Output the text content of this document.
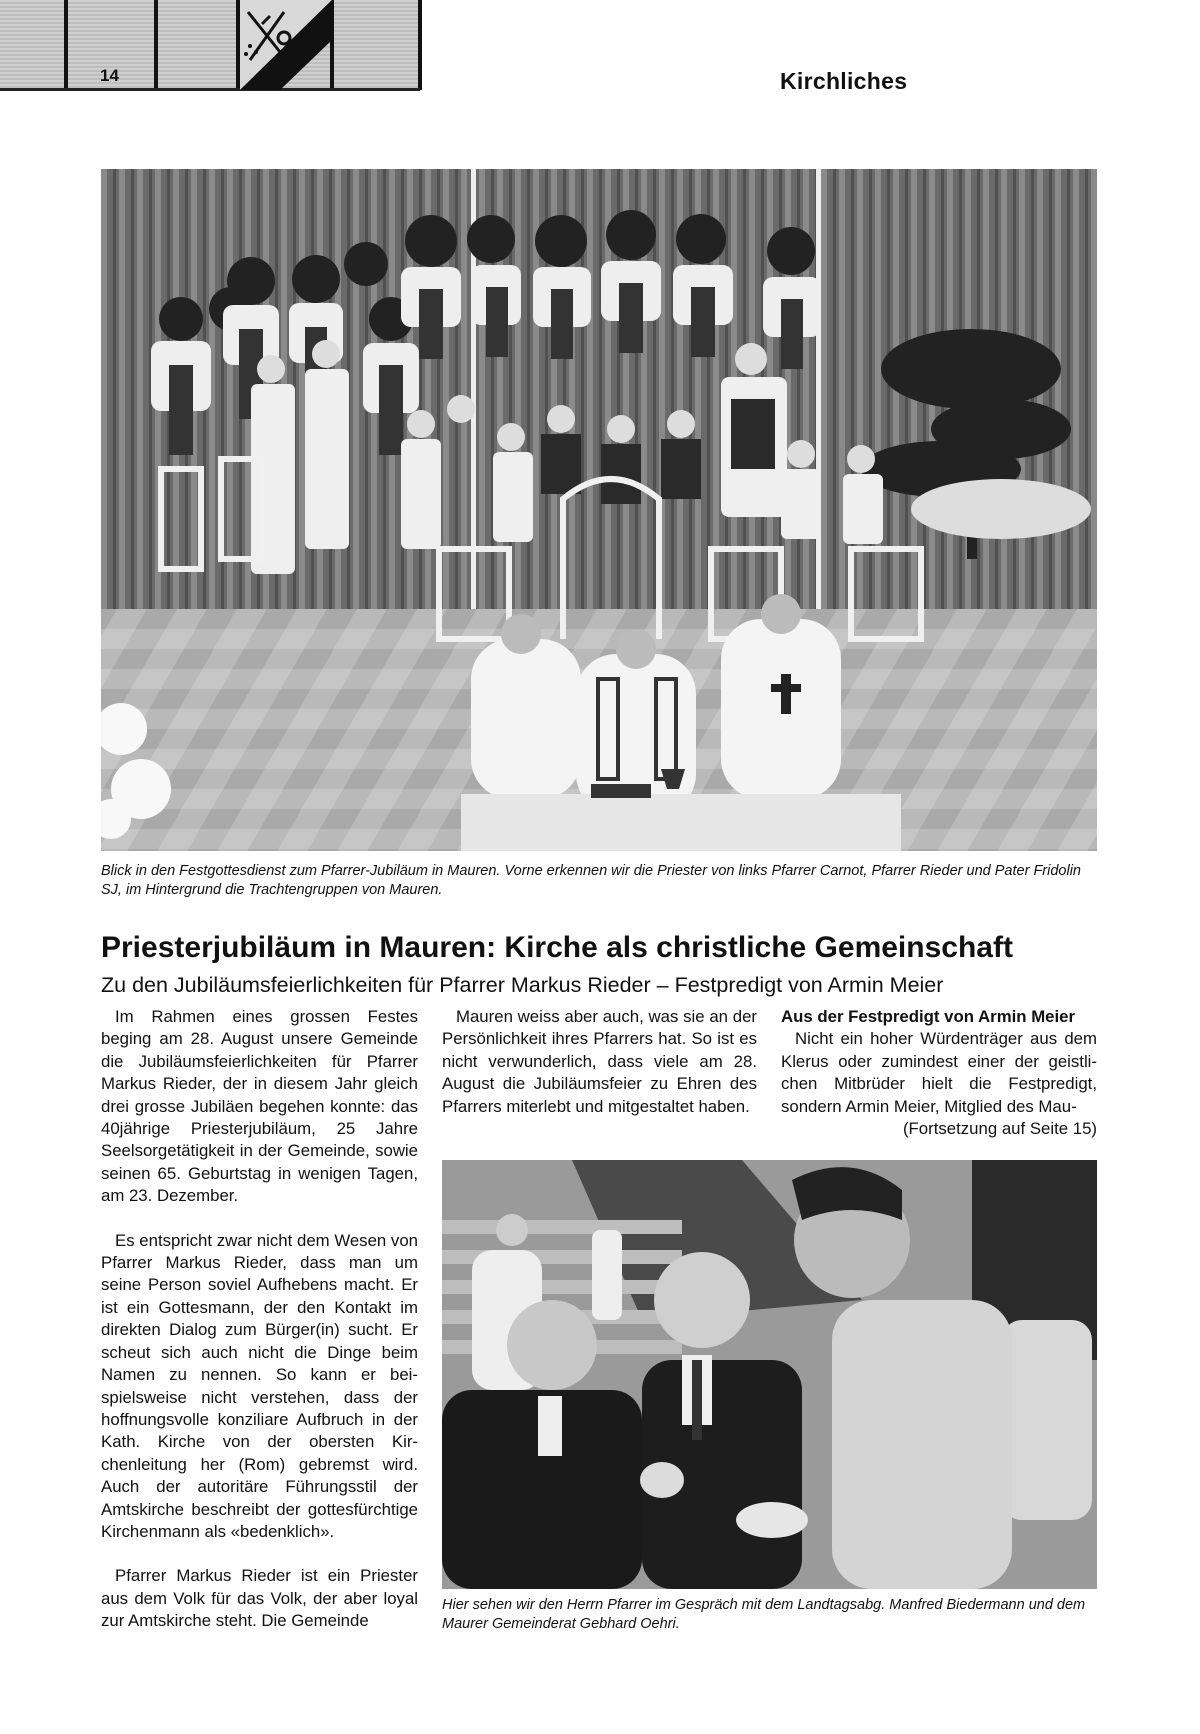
14	Kirchliches
Blick in den Festgottesdienst zum Pfarrer-Jubiläum in Mauren. Vorne erkennen wir die Priester von links Pfarrer Carnot, Pfarrer Rieder und Pater Fridolin SJ, im Hintergrund die Trachtengruppen von Mauren.
Priesterjubiläum in Mauren: Kirche als christliche Gemeinschaft
Zu den Jubiläumsfeierlichkeiten für Pfarrer Markus Rieder – Festpredigt von Armin Meier

Im Rahmen eines grossen Festes beging am 28. August unsere Gemeinde die Jubiläumsfeierlichkeiten für Pfarrer Markus Rieder, der in diesem Jahr gleich drei grosse Jubiläen begehen konnte: das 40jährige Priesterjubiläum, 25 Jahre Seelsorgetätigkeit in der Gemeinde, sowie seinen 65. Geburtstag in wenigen Tagen, am 23. Dezember.

Es entspricht zwar nicht dem Wesen von Pfarrer Markus Rieder, dass man um seine Person soviel Aufhebens macht. Er ist ein Gottesmann, der den Kontakt im direkten Dialog zum Bürger(in) sucht. Er scheut sich auch nicht die Dinge beim Namen zu nennen. So kann er beispielsweise nicht verstehen, dass der hoffnungsvolle konziliare Aufbruch in der Kath. Kirche von der obersten Kirchenleitung her (Rom) gebremst wird. Auch der autoritäre Führungsstil der Amtskirche beschreibt der gottesfürchtige Kirchenmann als «bedenklich».

Pfarrer Markus Rieder ist ein Priester aus dem Volk für das Volk, der aber loyal zur Amtskirche steht. Die Gemeinde

Mauren weiss aber auch, was sie an der Persönlichkeit ihres Pfarrers hat. So ist es nicht verwunderlich, dass viele am 28. August die Jubiläumsfeier zu Ehren des Pfarrers miterlebt und mitgestaltet haben.

Aus der Festpredigt von Armin Meier

Nicht ein hoher Würdenträger aus dem Klerus oder zumindest einer der geistlichen Mitbrüder hielt die Festpredigt, sondern Armin Meier, Mitglied des Mau-

(Fortsetzung auf Seite 15)

Hier sehen wir den Herrn Pfarrer im Gespräch mit dem Landtagsabg. Manfred Biedermann und dem Maurer Gemeinderat Gebhard Oehri.
